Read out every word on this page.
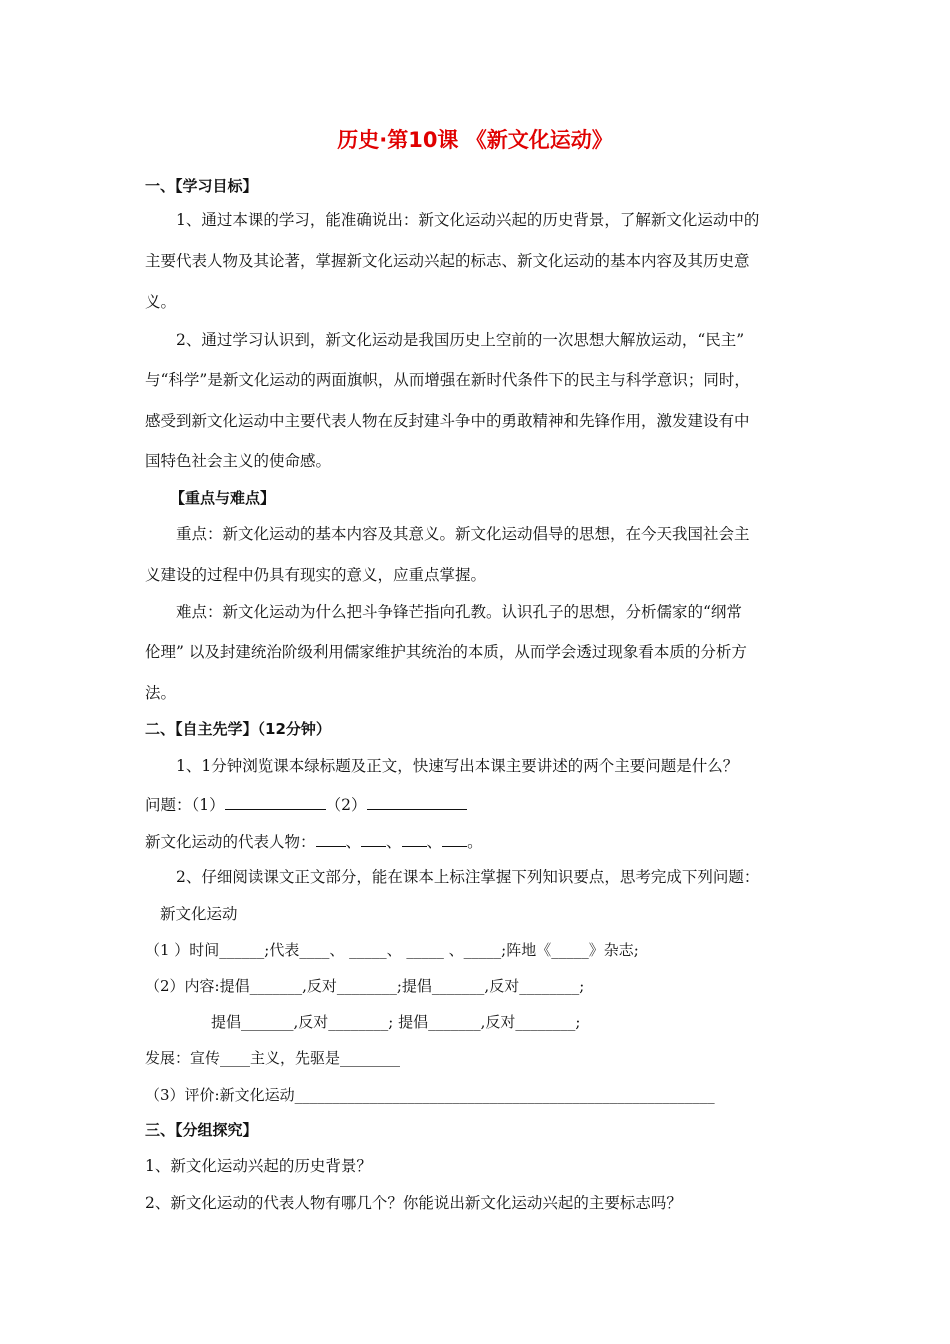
历史·第10课 《新文化运动》
一、【学习目标】
1、通过本课的学习，能准确说出：新文化运动兴起的历史背景，了解新文化运动中的
主要代表人物及其论著，掌握新文化运动兴起的标志、新文化运动的基本内容及其历史意
义。
2、通过学习认识到，新文化运动是我国历史上空前的一次思想大解放运动，“民主”
与“科学”是新文化运动的两面旗帜，从而增强在新时代条件下的民主与科学意识；同时，
感受到新文化运动中主要代表人物在反封建斗争中的勇敢精神和先锋作用，激发建设有中
国特色社会主义的使命感。
【重点与难点】
重点：新文化运动的基本内容及其意义。新文化运动倡导的思想，在今天我国社会主
义建设的过程中仍具有现实的意义，应重点掌握。
难点：新文化运动为什么把斗争锋芒指向孔教。认识孔子的思想，分析儒家的“纲常
伦理” 以及封建统治阶级利用儒家维护其统治的本质，从而学会透过现象看本质的分析方
法。
二、【自主先学】（12分钟）
1、1分钟浏览课本绿标题及正文，快速写出本课主要讲述的两个主要问题是什么？
问题：（1）	（2）
新文化运动的代表人物： 、 、 、 。
2、仔细阅读课文正文部分，能在课本上标注掌握下列知识要点，思考完成下列问题：
新文化运动
（1 ）时间______;代表____、 _____、 _____ 、_____;阵地《_____》杂志;
（2）内容:提倡_______,反对________;提倡_______,反对________;
提倡_______,反对________; 提倡_______,反对________;
发展：宣传____主义，先驱是________
（3）评价:新文化运动________________________________________________________
三、【分组探究】
1、新文化运动兴起的历史背景？
2、新文化运动的代表人物有哪几个？你能说出新文化运动兴起的主要标志吗？
